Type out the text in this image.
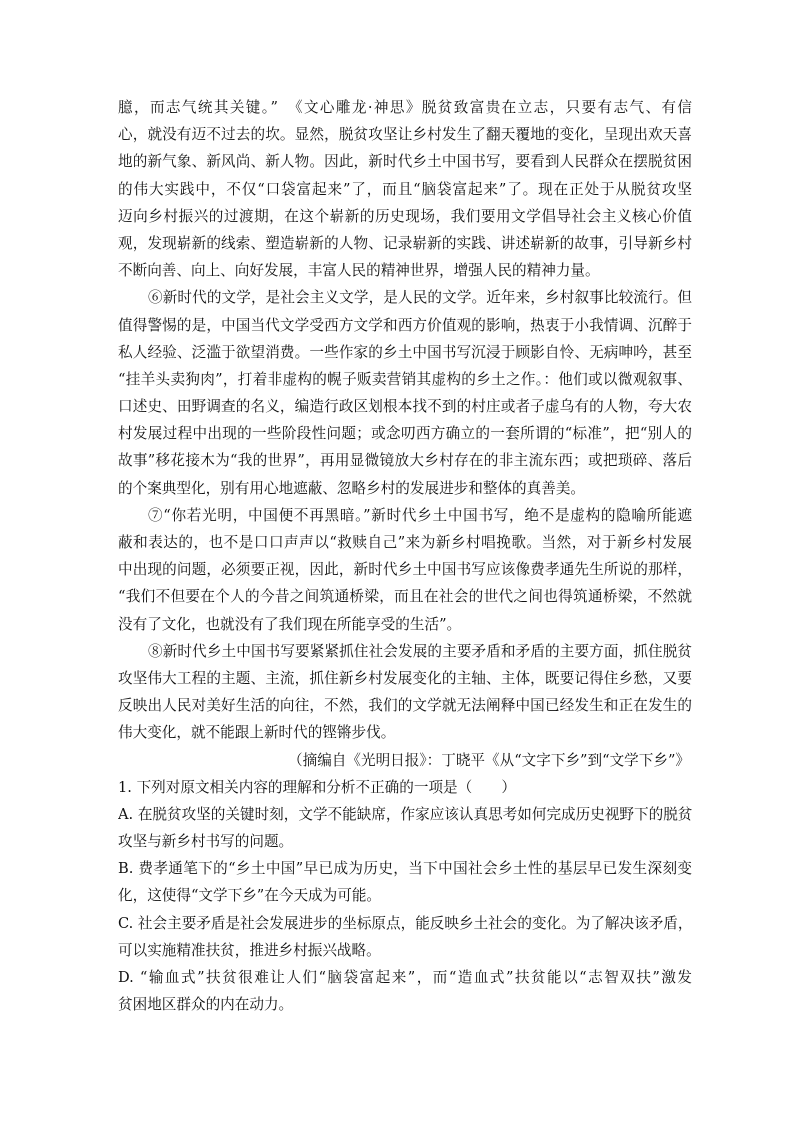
臆，而志气统其关键。”　《文心雕龙·神思》脱贫致富贵在立志，只要有志气、有信
心，就没有迈不过去的坎。显然，脱贫攻坚让乡村发生了翻天覆地的变化，呈现出欢天喜
地的新气象、新风尚、新人物。因此，新时代乡土中国书写，要看到人民群众在摆脱贫困
的伟大实践中，不仅“口袋富起来”了，而且“脑袋富起来”了。现在正处于从脱贫攻坚
迈向乡村振兴的过渡期，在这个崭新的历史现场，我们要用文学倡导社会主义核心价值
观，发现崭新的线索、塑造崭新的人物、记录崭新的实践、讲述崭新的故事，引导新乡村
不断向善、向上、向好发展，丰富人民的精神世界，增强人民的精神力量。
⑥新时代的文学，是社会主义文学，是人民的文学。近年来，乡村叙事比较流行。但
值得警惕的是，中国当代文学受西方文学和西方价值观的影响，热衷于小我情调、沉醉于
私人经验、泛滥于欲望消费。一些作家的乡土中国书写沉浸于顾影自怜、无病呻吟，甚至
“挂羊头卖狗肉”，打着非虚构的幌子贩卖营销其虚构的乡土之作。：他们或以微观叙事、
口述史、田野调查的名义，编造行政区划根本找不到的村庄或者子虚乌有的人物，夸大农
村发展过程中出现的一些阶段性问题；或念叨西方确立的一套所谓的“标准”，把“别人的
故事”移花接木为“我的世界”，再用显微镜放大乡村存在的非主流东西；或把琐碎、落后
的个案典型化，别有用心地遮蔽、忽略乡村的发展进步和整体的真善美。
⑦“你若光明，中国便不再黑暗。”新时代乡土中国书写，绝不是虚构的隐喻所能遮
蔽和表达的，也不是口口声声以“救赎自己”来为新乡村唱挽歌。当然，对于新乡村发展
中出现的问题，必须要正视，因此，新时代乡土中国书写应该像费孝通先生所说的那样，
“我们不但要在个人的今昔之间筑通桥梁，而且在社会的世代之间也得筑通桥梁，不然就
没有了文化，也就没有了我们现在所能享受的生活”。
⑧新时代乡土中国书写要紧紧抓住社会发展的主要矛盾和矛盾的主要方面，抓住脱贫
攻坚伟大工程的主题、主流，抓住新乡村发展变化的主轴、主体，既要记得住乡愁，又要
反映出人民对美好生活的向往，不然，我们的文学就无法阐释中国已经发生和正在发生的
伟大变化，就不能跟上新时代的铿锵步伐。
（摘编自《光明日报》：丁晓平《从“文字下乡”到“文学下乡”》
1. 下列对原文相关内容的理解和分析不正确的一项是（　　）
A. 在脱贫攻坚的关键时刻，文学不能缺席，作家应该认真思考如何完成历史视野下的脱贫
攻坚与新乡村书写的问题。
B. 费孝通笔下的“乡土中国”早已成为历史，当下中国社会乡土性的基层早已发生深刻变
化，这使得“文学下乡”在今天成为可能。
C. 社会主要矛盾是社会发展进步的坐标原点，能反映乡土社会的变化。为了解决该矛盾，
可以实施精准扶贫，推进乡村振兴战略。
D. “输血式”扶贫很难让人们“脑袋富起来”，而“造血式”扶贫能以“志智双扶”激发
贫困地区群众的内在动力。
